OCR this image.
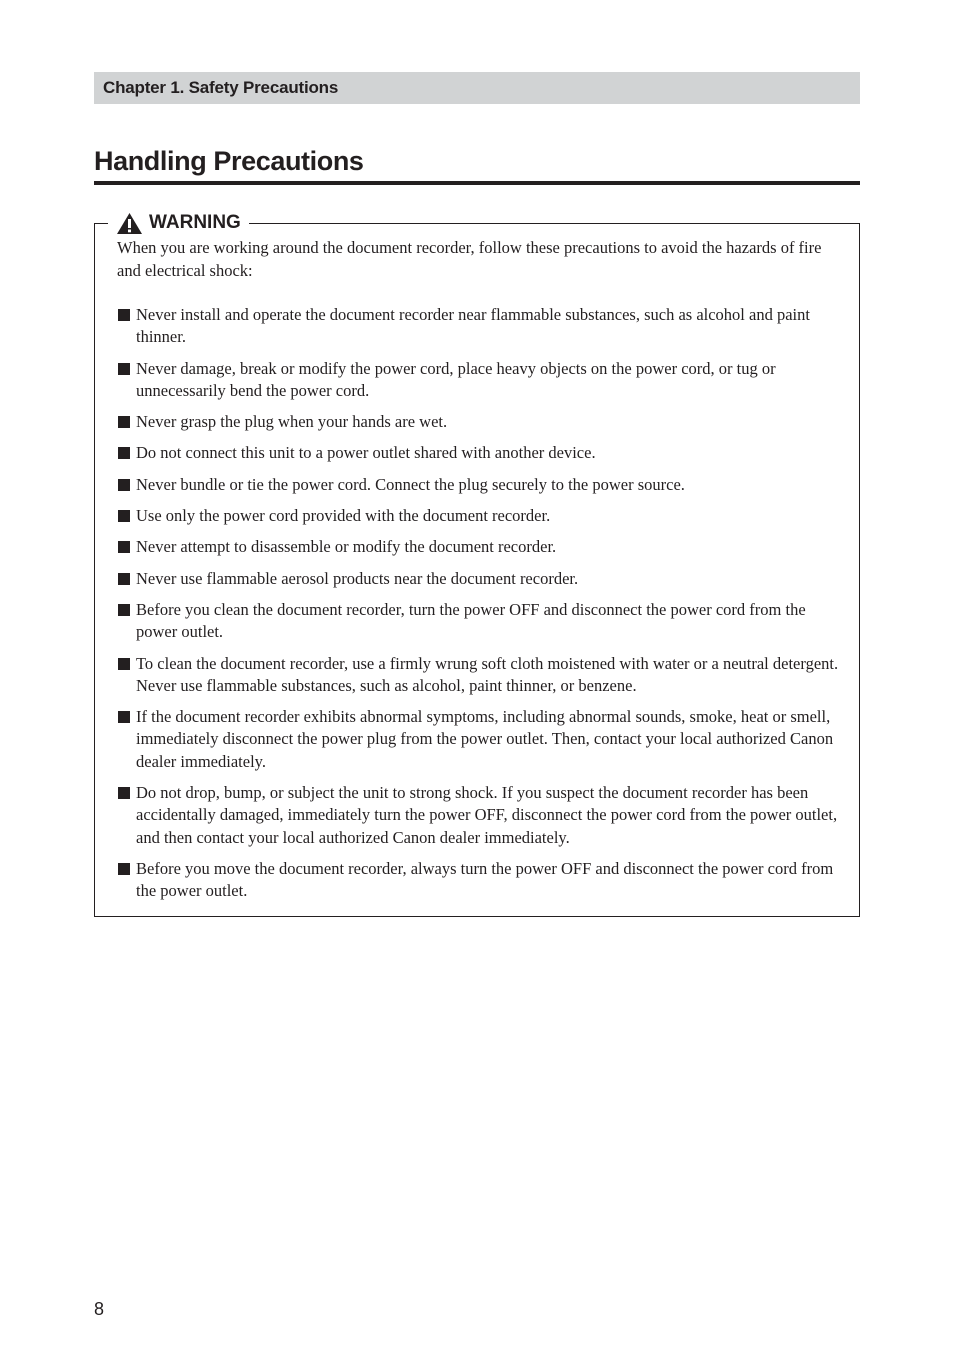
Chapter 1. Safety Precautions
Handling Precautions
WARNING

When you are working around the document recorder, follow these precautions to avoid the hazards of fire and electrical shock:

Never install and operate the document recorder near flammable substances, such as alcohol and paint thinner.
Never damage, break or modify the power cord, place heavy objects on the power cord, or tug or unnecessarily bend the power cord.
Never grasp the plug when your hands are wet.
Do not connect this unit to a power outlet shared with another device.
Never bundle or tie the power cord. Connect the plug securely to the power source.
Use only the power cord provided with the document recorder.
Never attempt to disassemble or modify the document recorder.
Never use flammable aerosol products near the document recorder.
Before you clean the document recorder, turn the power OFF and disconnect the power cord from the power outlet.
To clean the document recorder, use a firmly wrung soft cloth moistened with water or a neutral detergent. Never use flammable substances, such as alcohol, paint thinner, or benzene.
If the document recorder exhibits abnormal symptoms, including abnormal sounds, smoke, heat or smell, immediately disconnect the power plug from the power outlet. Then, contact your local authorized Canon dealer immediately.
Do not drop, bump, or subject the unit to strong shock. If you suspect the document recorder has been accidentally damaged, immediately turn the power OFF, disconnect the power cord from the power outlet, and then contact your local authorized Canon dealer immediately.
Before you move the document recorder, always turn the power OFF and disconnect the power cord from the power outlet.
8
